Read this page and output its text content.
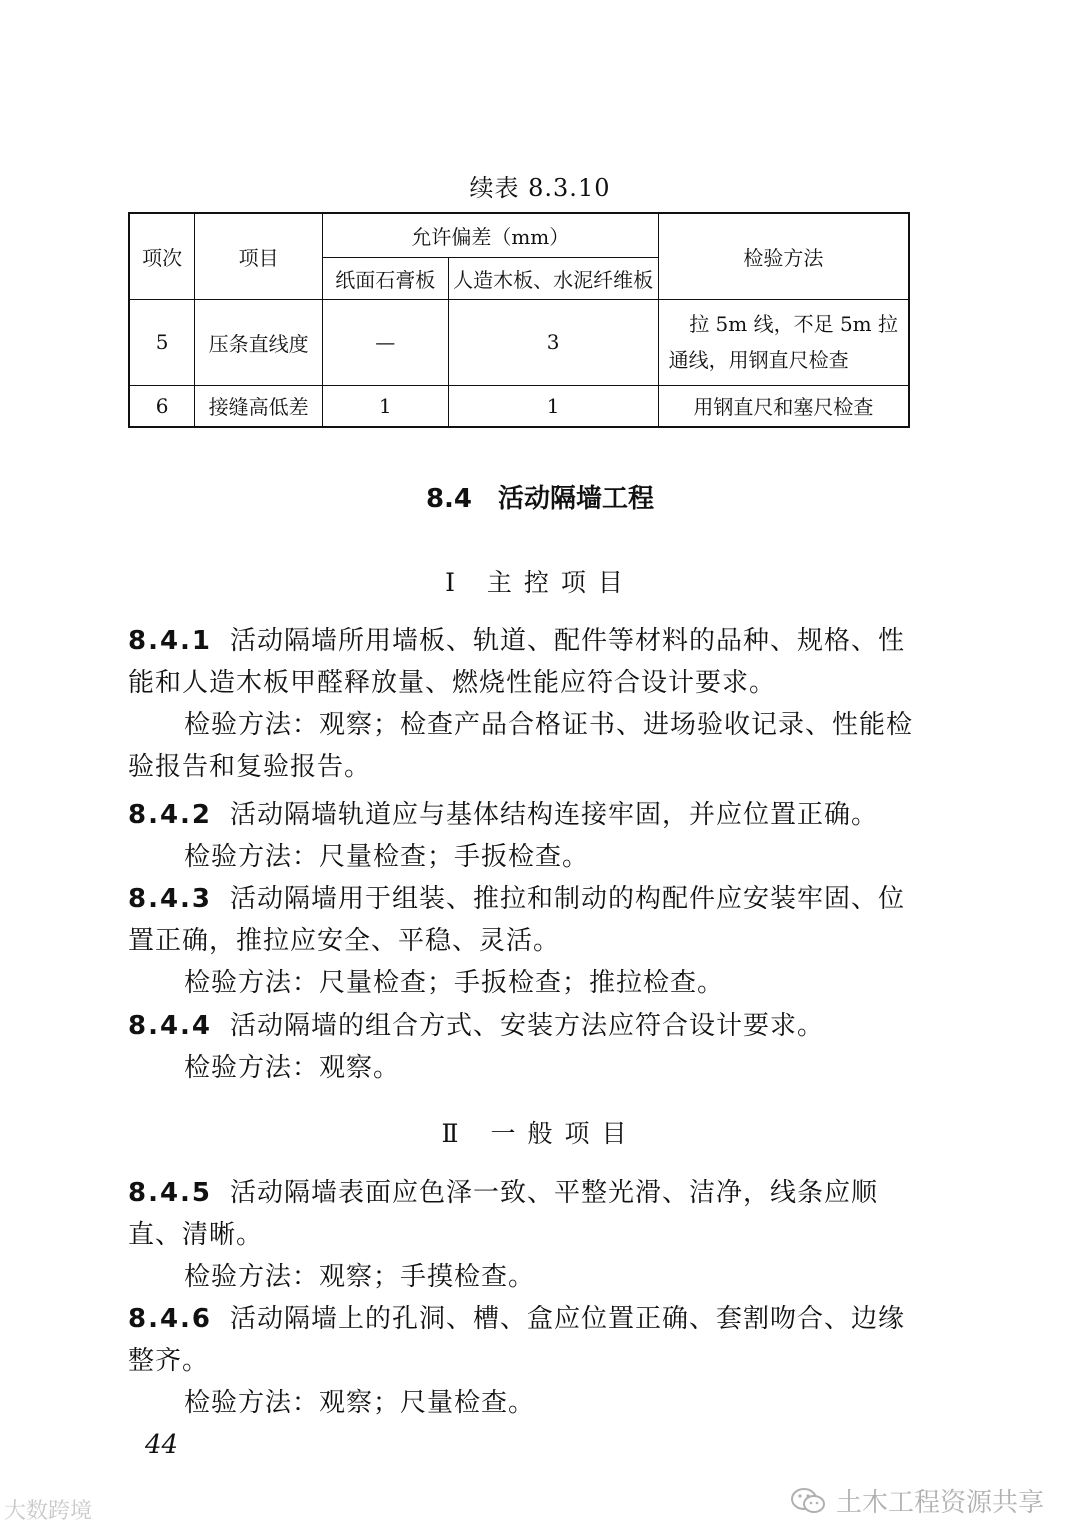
续表 8.3.10
项次	项目	允许偏差（mm）		检验方法
		纸面石膏板	人造木板、水泥纤维板	
5	压条直线度	—	3	拉 5m 线，不足 5m 拉
通线，用钢直尺检查

6	接缝高低差	1	1	用钢直尺和塞尺检查
8.4　活动隔墙工程
Ⅰ 主控项目
8.4.1 活动隔墙所用墙板、轨道、配件等材料的品种、规格、性能和人造木板甲醛释放量、燃烧性能应符合设计要求。
检验方法：观察；检查产品合格证书、进场验收记录、性能检验报告和复验报告。
8.4.2 活动隔墙轨道应与基体结构连接牢固，并应位置正确。
检验方法：尺量检查；手扳检查。
8.4.3 活动隔墙用于组装、推拉和制动的构配件应安装牢固、位置正确，推拉应安全、平稳、灵活。
检验方法：尺量检查；手扳检查；推拉检查。
8.4.4 活动隔墙的组合方式、安装方法应符合设计要求。
检验方法：观察。
Ⅱ 一般项目
8.4.5 活动隔墙表面应色泽一致、平整光滑、洁净，线条应顺直、清晰。
检验方法：观察；手摸检查。
8.4.6 活动隔墙上的孔洞、槽、盒应位置正确、套割吻合、边缘整齐。
检验方法：观察；尺量检查。
44
大数跨境	土木工程资源共享
